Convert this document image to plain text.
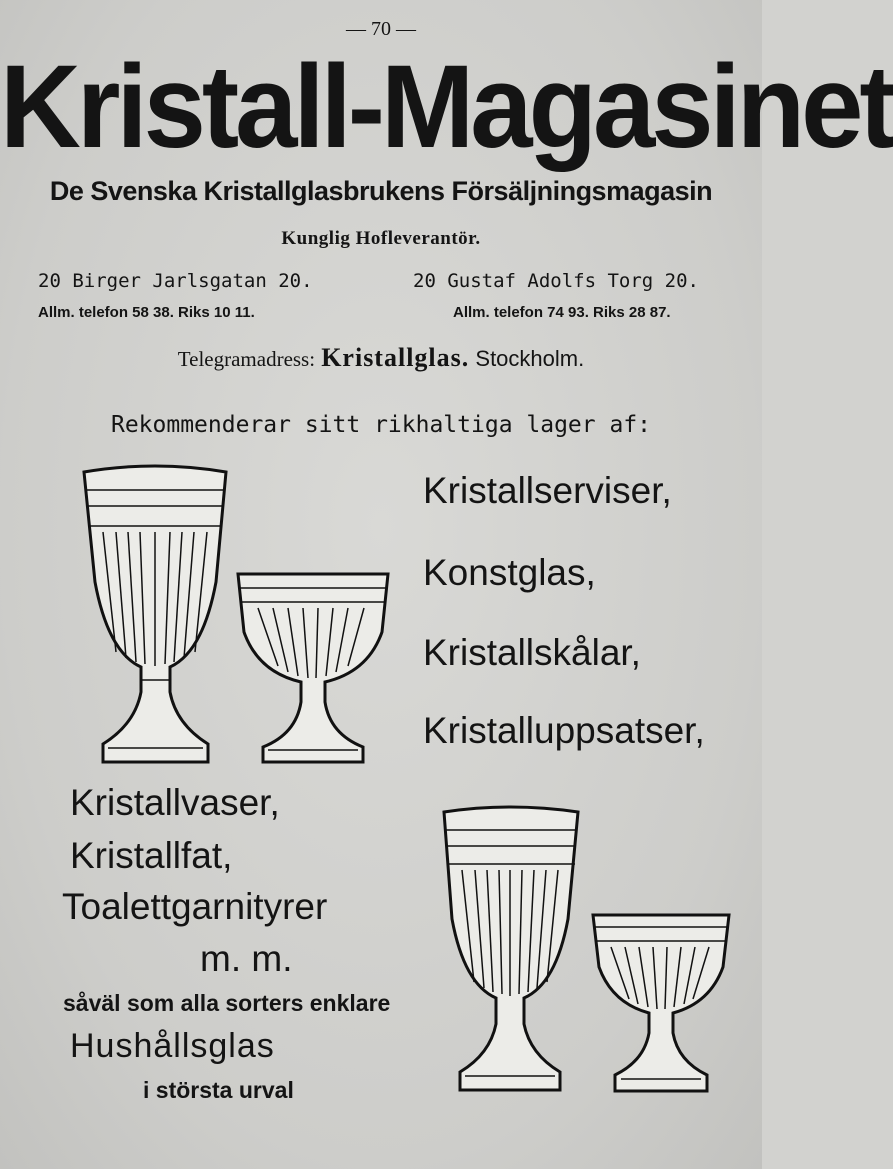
— 70 —
Kristall-Magasinet
De Svenska Kristallglasbrukens Försäljningsmagasin
Kunglig Hofleverantör.
20 Birger Jarlsgatan 20.	20 Gustaf Adolfs Torg 20.
Allm. telefon 58 38. Riks 10 11.	Allm. telefon 74 93. Riks 28 87.
Telegramadress: Kristallglas. Stockholm.
Rekommenderar sitt rikhaltiga lager af:
Kristallserviser,
Konstglas,
Kristallskålar,
Kristalluppsatser,
Kristallvaser,
Kristallfat,
Toalettgarnityrer
m. m.
såväl som alla sorters enklare
Hushållsglas
i största urval
